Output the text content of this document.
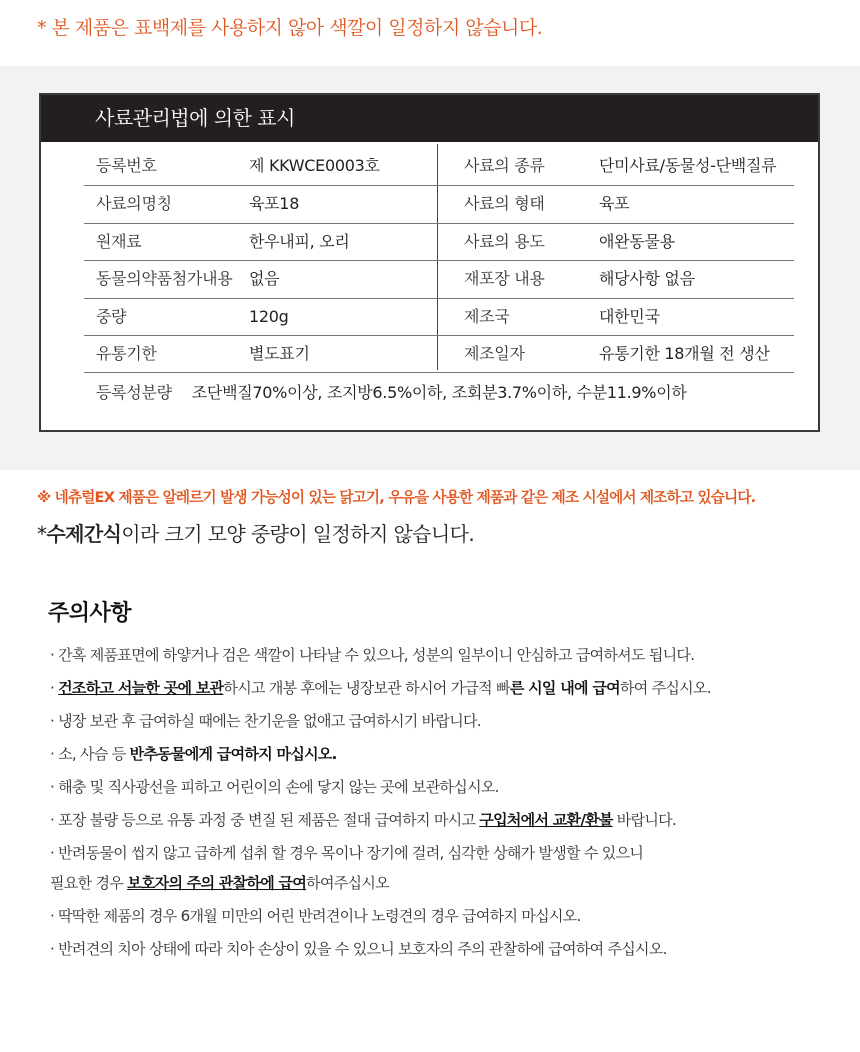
* 본 제품은 표백제를 사용하지 않아 색깔이 일정하지 않습니다.
사료관리법에 의한 표시
등록번호	제 KKWCE0003호	사료의 종류	단미사료/동물성-단백질류
사료의명칭	육포18	사료의 형태	육포
원재료	한우내피, 오리	사료의 용도	애완동물용
동물의약품첨가내용 없음	재포장 내용	해당사항 없음
중량	120g	제조국	대한민국
유통기한	별도표기	제조일자	유통기한 18개월 전 생산
등록성분량 조단백질70%이상, 조지방6.5%이하, 조회분3.7%이하, 수분11.9%이하
※ 네츄럴EX 제품은 알레르기 발생 가능성이 있는 닭고기, 우유을 사용한 제품과 같은 제조 시설에서 제조하고 있습니다.
*수제간식이라 크기 모양 중량이 일정하지 않습니다.
주의사항
· 간혹 제품표면에 하얗거나 검은 색깔이 나타날 수 있으나, 성분의 일부이니 안심하고 급여하셔도 됩니다.
· 건조하고 서늘한 곳에 보관하시고 개봉 후에는 냉장보관 하시어 가급적 빠른 시일 내에 급여하여 주십시오.
· 냉장 보관 후 급여하실 때에는 찬기운을 없애고 급여하시기 바랍니다.
· 소, 사슴 등 반추동물에게 급여하지 마십시오.
· 해충 및 직사광선을 피하고 어린이의 손에 닿지 않는 곳에 보관하십시오.
· 포장 불량 등으로 유통 과정 중 변질 된 제품은 절대 급여하지 마시고 구입처에서 교환/환불 바랍니다.
· 반려동물이 씹지 않고 급하게 섭취 할 경우 목이나 장기에 걸려, 심각한 상해가 발생할 수 있으니
필요한 경우 보호자의 주의 관찰하에 급여하여주십시오
· 딱딱한 제품의 경우 6개월 미만의 어린 반려견이나 노령견의 경우 급여하지 마십시오.
· 반려견의 치아 상태에 따라 치아 손상이 있을 수 있으니 보호자의 주의 관찰하에 급여하여 주십시오.
